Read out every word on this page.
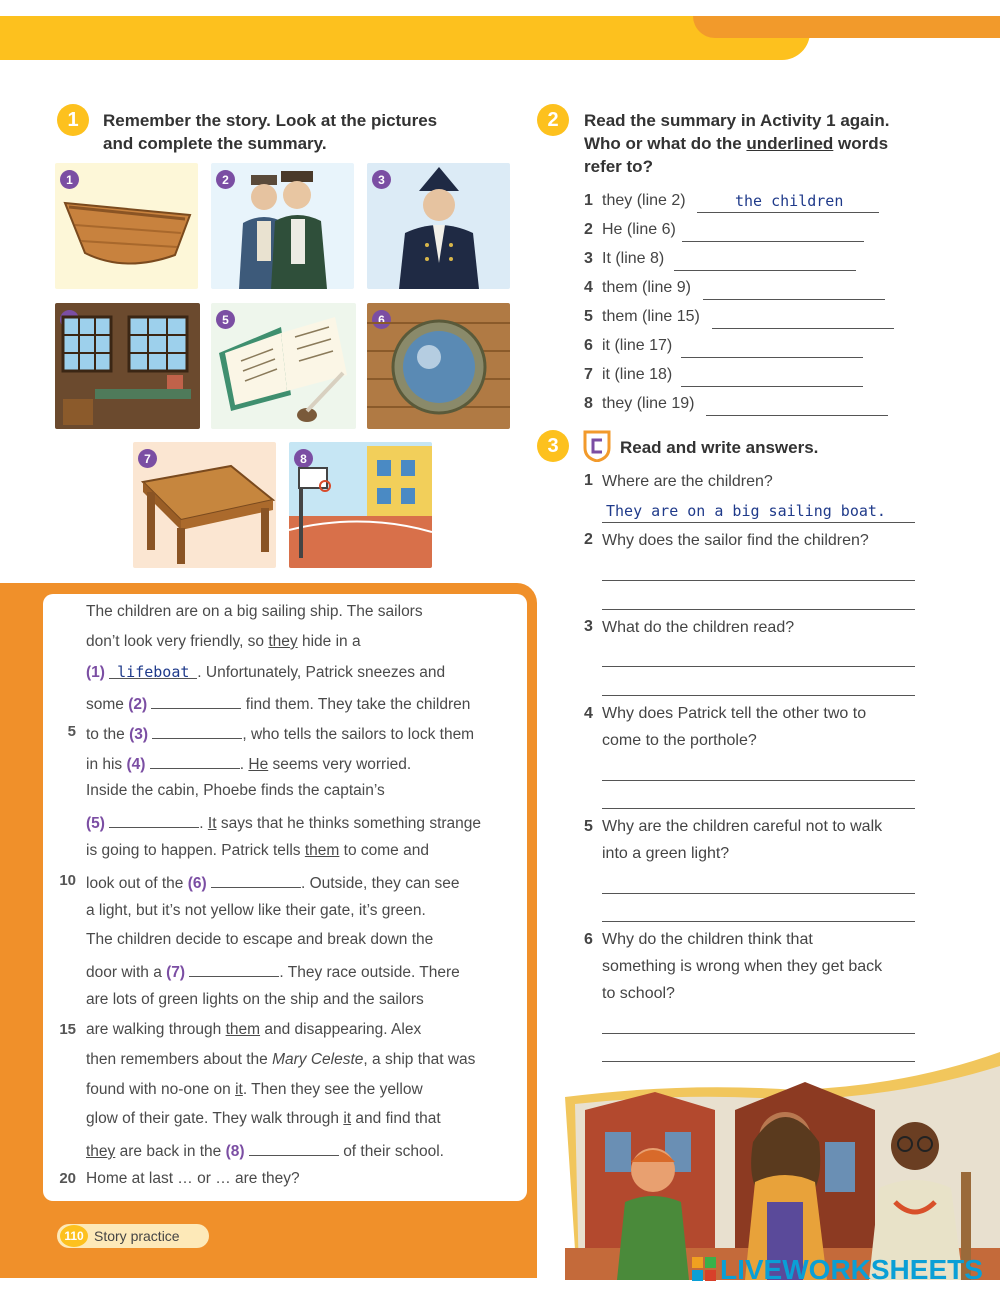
1	Remember the story. Look at the pictures
and complete the summary.
1	2	3
5	6
7	8
The children are on a big sailing ship. The sailors
don’t look very friendly, so they hide in a
(1) lifeboat . Unfortunately, Patrick sneezes and
some (2)	find them. They take the children
5 to the (3)	, who tells the sailors to lock them
in his (4)	. He seems very worried.
Inside the cabin, Phoebe finds the captain’s
(5)	. It says that he thinks something strange
is going to happen. Patrick tells them to come and
10 look out of the (6)	. Outside, they can see
a light, but it’s not yellow like their gate, it’s green.
The children decide to escape and break down the
door with a (7)	. They race outside. There
are lots of green lights on the ship and the sailors
15 are walking through them and disappearing. Alex
then remembers about the Mary Celeste, a ship that was
found with no-one on it. Then they see the yellow
glow of their gate. They walk through it and find that
they are back in the (8)	of their school.
20 Home at last … or … are they?
110 Story practice
2	Read the summary in Activity 1 again.
Who or what do the underlined words
refer to?
1 they (line 2)	the children
2 He (line 6)
3 It (line 8)
4 them (line 9)
5 them (line 15)
6 it (line 17)
7 it (line 18)
8 they (line 19)
3	Read and write answers.
1 Where are the children?
They are on a big sailing boat.
2 Why does the sailor find the children?
3 What do the children read?
4 Why does Patrick tell the other two to
come to the porthole?
5 Why are the children careful not to walk
into a green light?
6 Why do the children think that
something is wrong when they get back
to school?
LIVEWORKSHEETS
